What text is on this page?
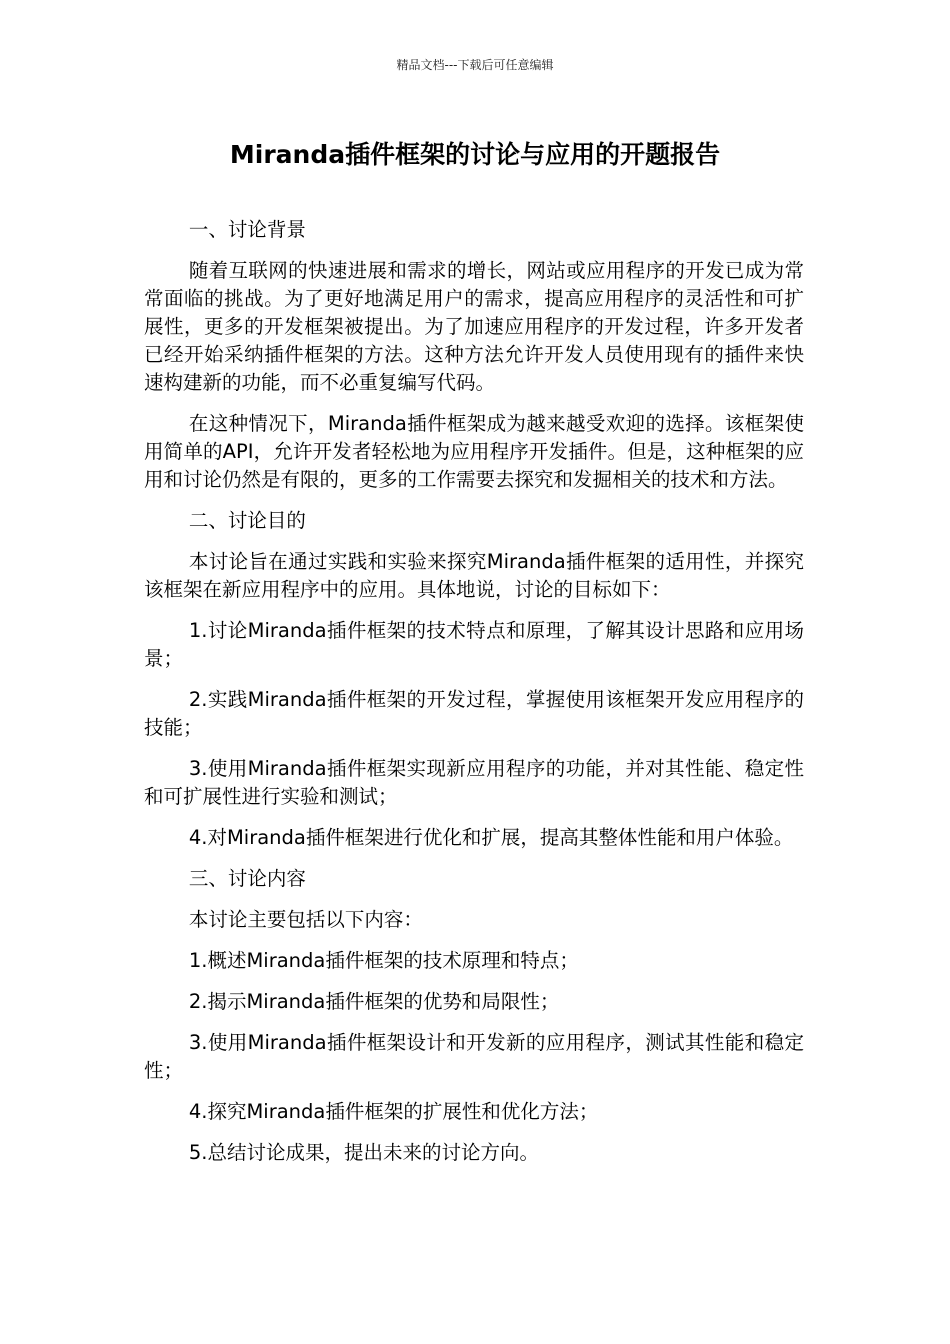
精品文档---下载后可任意编辑
Miranda插件框架的讨论与应用的开题报告

一、讨论背景

随着互联网的快速进展和需求的增长，网站或应用程序的开发已成为常常面临的挑战。为了更好地满足用户的需求，提高应用程序的灵活性和可扩展性，更多的开发框架被提出。为了加速应用程序的开发过程，许多开发者已经开始采纳插件框架的方法。这种方法允许开发人员使用现有的插件来快速构建新的功能，而不必重复编写代码。

在这种情况下，Miranda插件框架成为越来越受欢迎的选择。该框架使用简单的API，允许开发者轻松地为应用程序开发插件。但是，这种框架的应用和讨论仍然是有限的，更多的工作需要去探究和发掘相关的技术和方法。

二、讨论目的

本讨论旨在通过实践和实验来探究Miranda插件框架的适用性，并探究该框架在新应用程序中的应用。具体地说，讨论的目标如下：

1.讨论Miranda插件框架的技术特点和原理，了解其设计思路和应用场景；

2.实践Miranda插件框架的开发过程，掌握使用该框架开发应用程序的技能；

3.使用Miranda插件框架实现新应用程序的功能，并对其性能、稳定性和可扩展性进行实验和测试；

4.对Miranda插件框架进行优化和扩展，提高其整体性能和用户体验。

三、讨论内容

本讨论主要包括以下内容：

1.概述Miranda插件框架的技术原理和特点；

2.揭示Miranda插件框架的优势和局限性；

3.使用Miranda插件框架设计和开发新的应用程序，测试其性能和稳定性；

4.探究Miranda插件框架的扩展性和优化方法；

5.总结讨论成果，提出未来的讨论方向。
